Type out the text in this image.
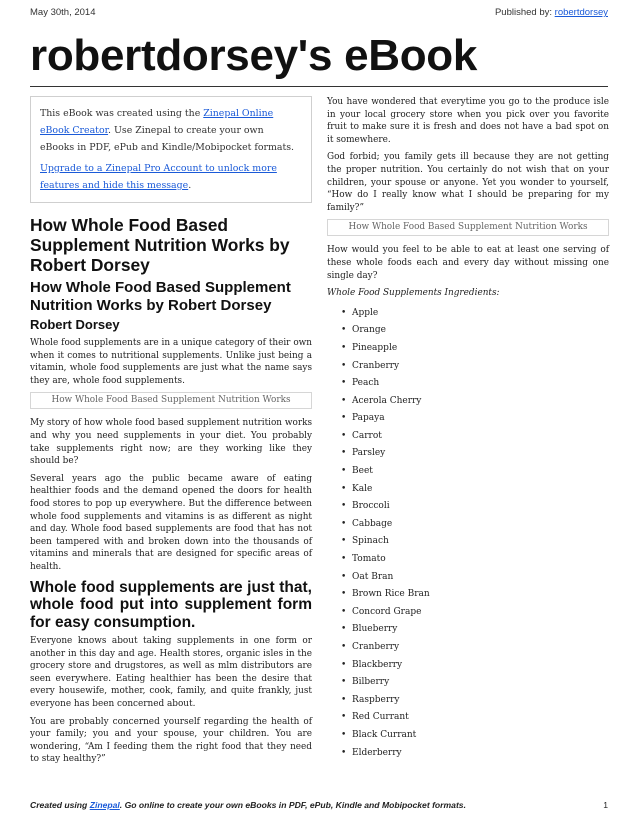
May 30th, 2014	Published by: robertdorsey
robertdorsey's eBook

This eBook was created using the Zinepal Online eBook Creator. Use Zinepal to create your own eBooks in PDF, ePub and Kindle/Mobipocket formats.

Upgrade to a Zinepal Pro Account to unlock more features and hide this message.

How Whole Food Based Supplement Nutrition Works by Robert Dorsey
How Whole Food Based Supplement Nutrition Works by Robert Dorsey
Robert Dorsey

Whole food supplements are in a unique category of their own when it comes to nutritional supplements. Unlike just being a vitamin, whole food supplements are just what the name says they are, whole food supplements.

How Whole Food Based Supplement Nutrition Works

My story of how whole food based supplement nutrition works and why you need supplements in your diet. You probably take supplements right now; are they working like they should be?

Several years ago the public became aware of eating healthier foods and the demand opened the doors for health food stores to pop up everywhere. But the difference between whole food supplements and vitamins is as different as night and day. Whole food based supplements are food that has not been tampered with and broken down into the thousands of vitamins and minerals that are designed for specific areas of health.

Whole food supplements are just that, whole food put into supplement form for easy consumption.

Everyone knows about taking supplements in one form or another in this day and age. Health stores, organic isles in the grocery store and drugstores, as well as mlm distributors are seen everywhere. Eating healthier has been the desire that every housewife, mother, cook, family, and quite frankly, just everyone has been concerned about.

You are probably concerned yourself regarding the health of your family; you and your spouse, your children. You are wondering, “Am I feeding them the right food that they need to stay healthy?”

You have wondered that everytime you go to the produce isle in your local grocery store when you pick over you favorite fruit to make sure it is fresh and does not have a bad spot on it somewhere.

God forbid; you family gets ill because they are not getting the proper nutrition. You certainly do not wish that on your children, your spouse or anyone. Yet you wonder to yourself, “How do I really know what I should be preparing for my family?”

How Whole Food Based Supplement Nutrition Works

How would you feel to be able to eat at least one serving of these whole foods each and every day without missing one single day?

Whole Food Supplements Ingredients:

• Apple
• Orange
• Pineapple
• Cranberry
• Peach
• Acerola Cherry
• Papaya
• Carrot
• Parsley
• Beet
• Kale
• Broccoli
• Cabbage
• Spinach
• Tomato
• Oat Bran
• Brown Rice Bran
• Concord Grape
• Blueberry
• Cranberry
• Blackberry
• Bilberry
• Raspberry
• Red Currant
• Black Currant
• Elderberry
Created using Zinepal. Go online to create your own eBooks in PDF, ePub, Kindle and Mobipocket formats.	1
